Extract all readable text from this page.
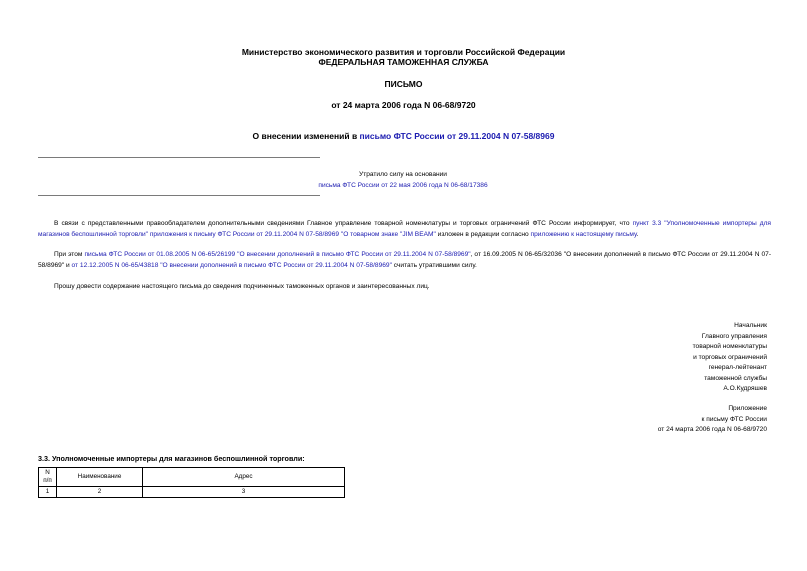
Министерство экономического развития и торговли Российской Федерации
ФЕДЕРАЛЬНАЯ ТАМОЖЕННАЯ СЛУЖБА
ПИСЬМО
от 24 марта 2006 года N 06-68/9720
О внесении изменений в письмо ФТС России от 29.11.2004 N 07-58/8969
Утратило силу на основании
письма ФТС России от 22 мая 2006 года N 06-68/17386
В связи с представленными правообладателем дополнительными сведениями Главное управление товарной номенклатуры и торговых ограничений ФТС России информирует, что пункт 3.3 "Уполномоченные импортеры для магазинов беспошлинной торговли" приложения к письму ФТС России от 29.11.2004 N 07-58/8969 "О товарном знаке "JIM BEAM" изложен в редакции согласно приложению к настоящему письму.
При этом письма ФТС России от 01.08.2005 N 06-65/26199 "О внесении дополнений в письмо ФТС России от 29.11.2004 N 07-58/8969", от 16.09.2005 N 06-65/32036 "О внесении дополнений в письмо ФТС России от 29.11.2004 N 07-58/8969" и от 12.12.2005 N 06-65/43818 "О внесении дополнений в письмо ФТС России от 29.11.2004 N 07-58/8969" считать утратившими силу.
Прошу довести содержание настоящего письма до сведения подчиненных таможенных органов и заинтересованных лиц.
Начальник
Главного управления
товарной номенклатуры
и торговых ограничений
генерал-лейтенант
таможенной службы
А.О.Кудряшев
Приложение
к письму ФТС России
от 24 марта 2006 года N 06-68/9720
3.3. Уполномоченные импортеры для магазинов беспошлинной торговли:
N
п/п	Наименование	Адрес
1	2	3
